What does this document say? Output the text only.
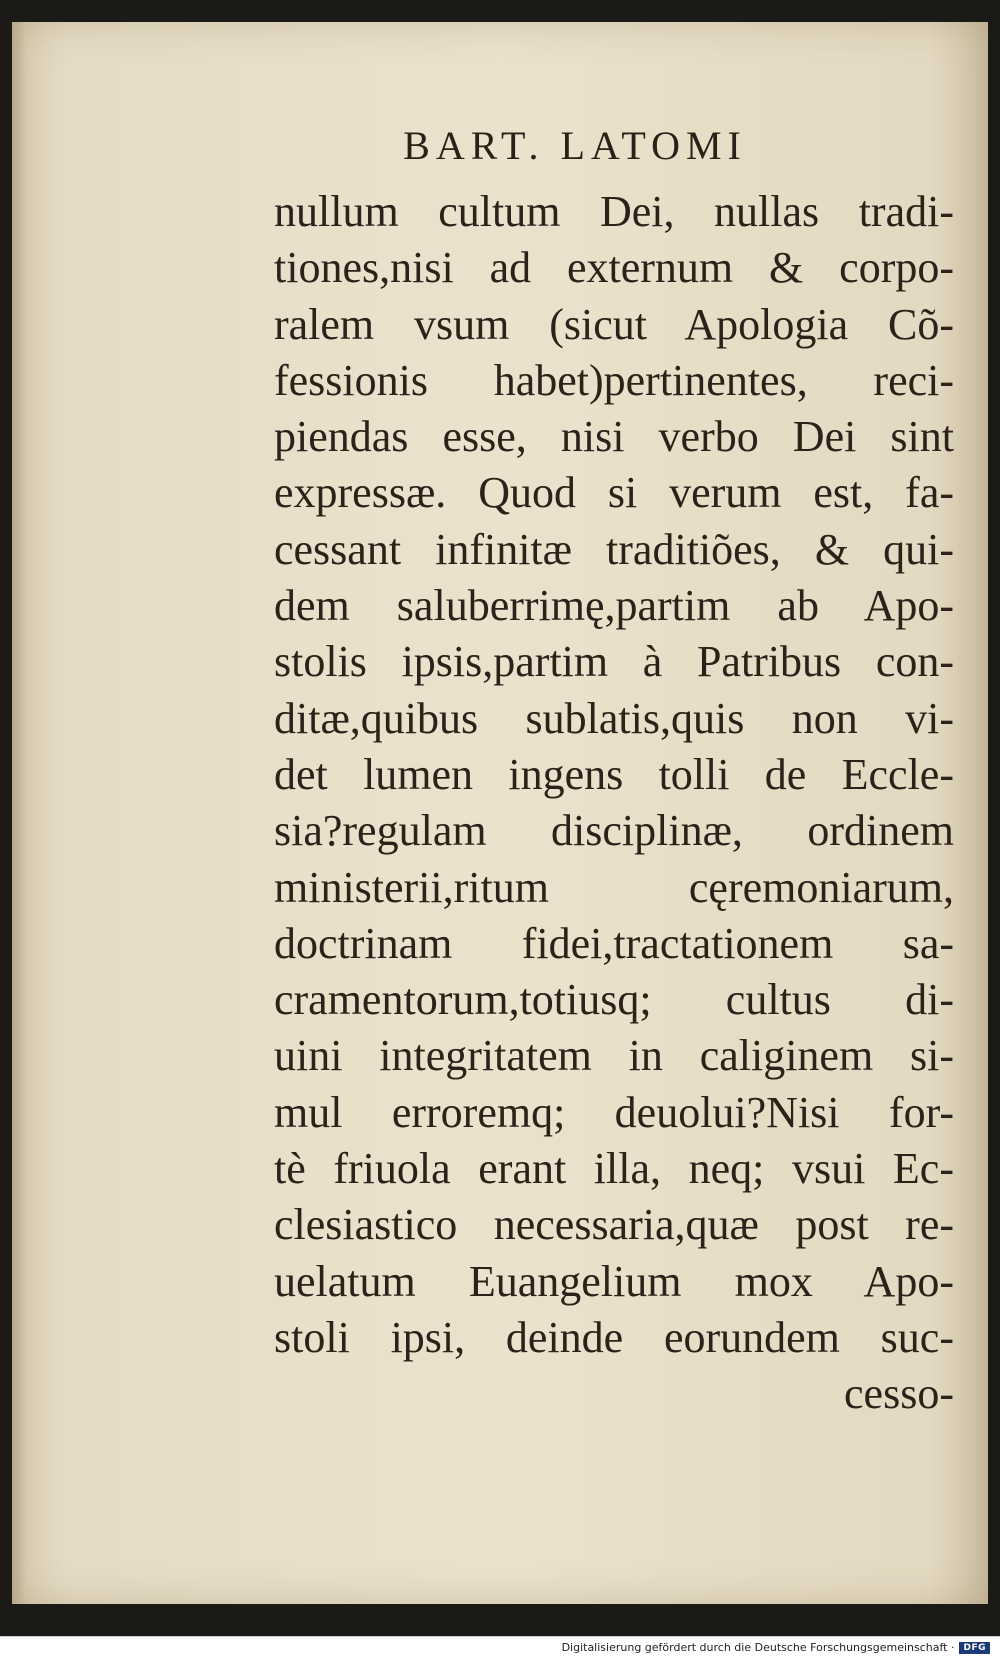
BART. LATOMI
nullum cultum Dei, nullas tradi-
tiones,nisi ad externum & corpo-
ralem vsum (sicut Apologia Cõ-
fessionis habet)pertinentes, reci-
piendas esse, nisi verbo Dei sint
expressæ. Quod si verum est, fa-
cessant infinitæ traditiões, & qui-
dem saluberrimę,partim ab Apo-
stolis ipsis,partim à Patribus con-
ditæ,quibus sublatis,quis non vi-
det lumen ingens tolli de Eccle-
sia?regulam disciplinæ, ordinem
ministerii,ritum cęremoniarum,
doctrinam fidei,tractationem sa-
cramentorum,totiusq; cultus di-
uini integritatem in caliginem si-
mul erroremq; deuolui?Nisi for-
tè friuola erant illa, neq; vsui Ec-
clesiastico necessaria,quæ post re-
uelatum Euangelium mox Apo-
stoli ipsi, deinde eorundem suc-
cesso-
Digitalisierung gefördert durch die Deutsche Forschungsgemeinschaft ·	DFG
